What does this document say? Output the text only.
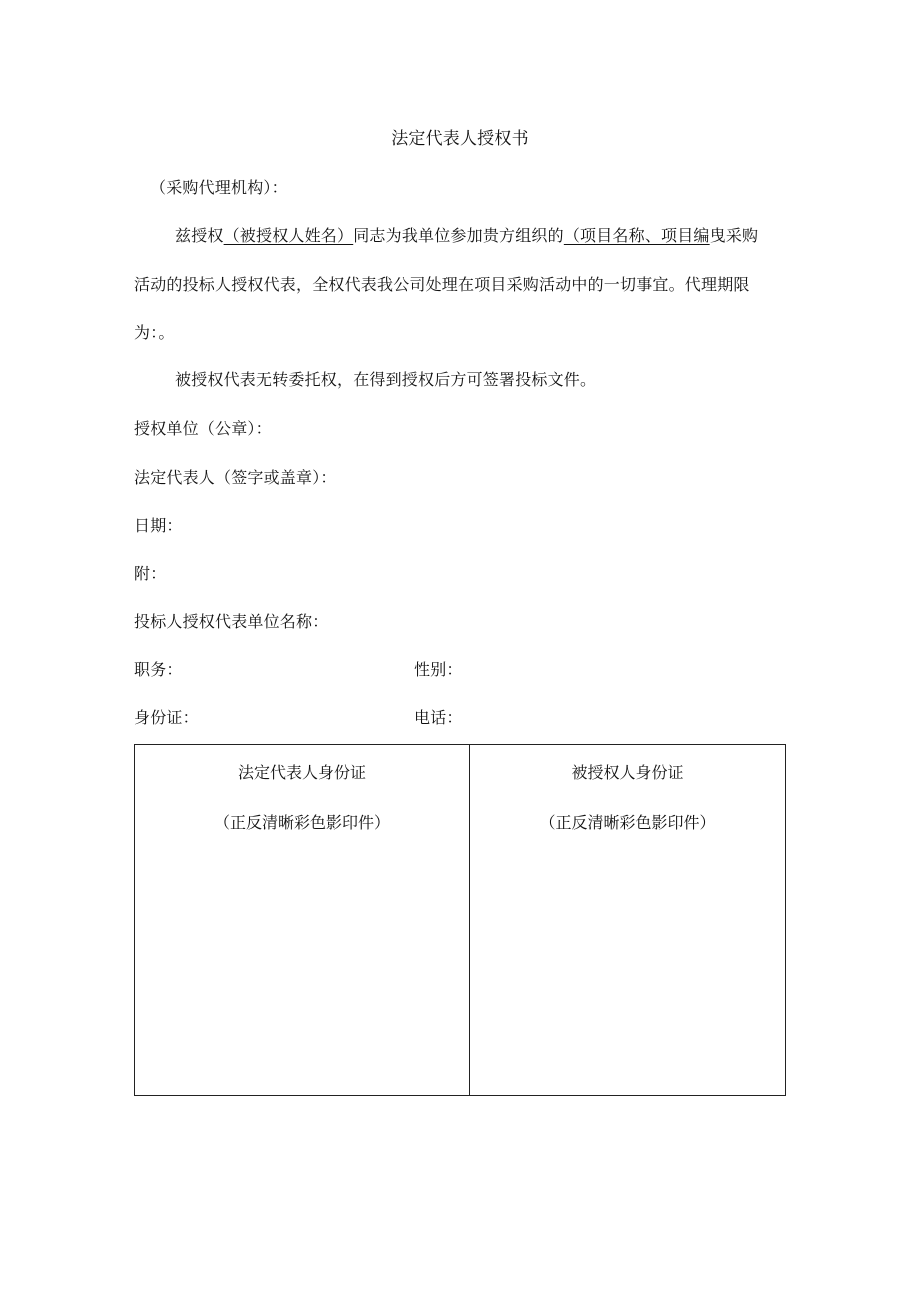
法定代表人授权书
（采购代理机构）：
兹授权（被授权人姓名）同志为我单位参加贵方组织的（项目名称、项目编曳采购
活动的投标人授权代表，全权代表我公司处理在项目采购活动中的一切事宜。代理期限
为：。
被授权代表无转委托权，在得到授权后方可签署投标文件。
授权单位（公章）：
法定代表人（签字或盖章）：
日期：
附：
投标人授权代表单位名称：
职务：	性别：
身份证：	电话：
法定代表人身份证
（正反清晰彩色影印件）
被授权人身份证
（正反清晰彩色影印件）
